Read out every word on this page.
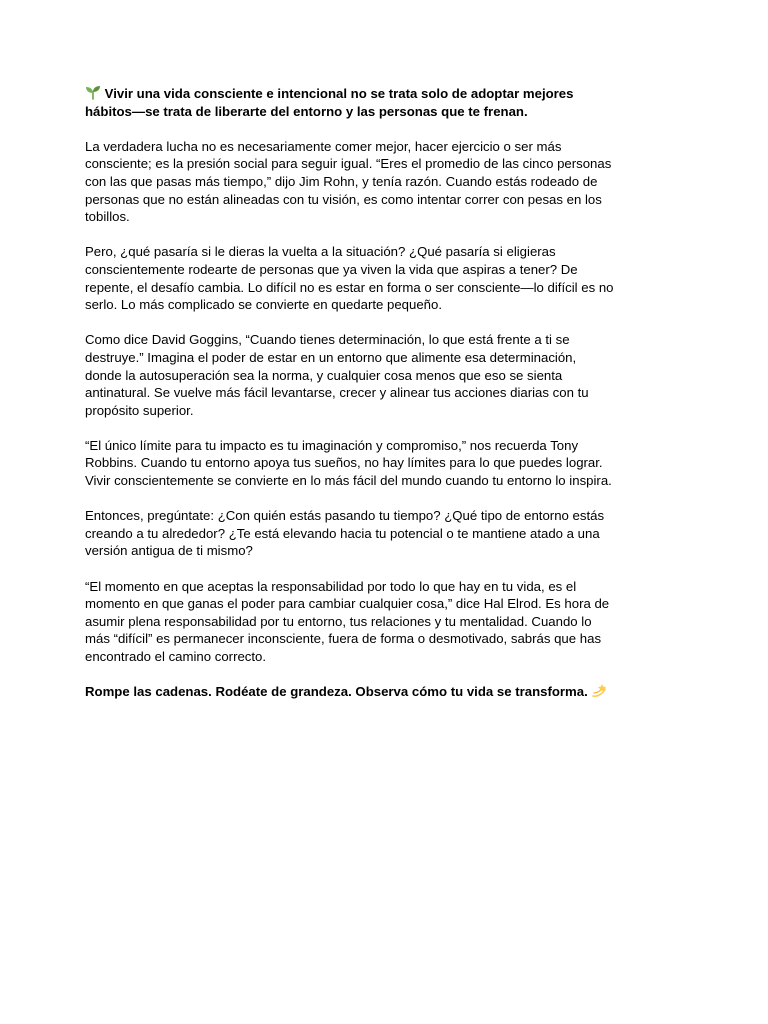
Vivir una vida consciente e intencional no se trata solo de adoptar mejores hábitos—se trata de liberarte del entorno y las personas que te frenan.

La verdadera lucha no es necesariamente comer mejor, hacer ejercicio o ser más consciente; es la presión social para seguir igual. “Eres el promedio de las cinco personas con las que pasas más tiempo,” dijo Jim Rohn, y tenía razón. Cuando estás rodeado de personas que no están alineadas con tu visión, es como intentar correr con pesas en los tobillos.

Pero, ¿qué pasaría si le dieras la vuelta a la situación? ¿Qué pasaría si eligieras conscientemente rodearte de personas que ya viven la vida que aspiras a tener? De repente, el desafío cambia. Lo difícil no es estar en forma o ser consciente—lo difícil es no serlo. Lo más complicado se convierte en quedarte pequeño.

Como dice David Goggins, “Cuando tienes determinación, lo que está frente a ti se destruye.” Imagina el poder de estar en un entorno que alimente esa determinación, donde la autosuperación sea la norma, y cualquier cosa menos que eso se sienta antinatural. Se vuelve más fácil levantarse, crecer y alinear tus acciones diarias con tu propósito superior.

“El único límite para tu impacto es tu imaginación y compromiso,” nos recuerda Tony Robbins. Cuando tu entorno apoya tus sueños, no hay límites para lo que puedes lograr. Vivir conscientemente se convierte en lo más fácil del mundo cuando tu entorno lo inspira.

Entonces, pregúntate: ¿Con quién estás pasando tu tiempo? ¿Qué tipo de entorno estás creando a tu alrededor? ¿Te está elevando hacia tu potencial o te mantiene atado a una versión antigua de ti mismo?

“El momento en que aceptas la responsabilidad por todo lo que hay en tu vida, es el momento en que ganas el poder para cambiar cualquier cosa,” dice Hal Elrod. Es hora de asumir plena responsabilidad por tu entorno, tus relaciones y tu mentalidad. Cuando lo más “difícil” es permanecer inconsciente, fuera de forma o desmotivado, sabrás que has encontrado el camino correcto.

Rompe las cadenas. Rodéate de grandeza. Observa cómo tu vida se transforma.
